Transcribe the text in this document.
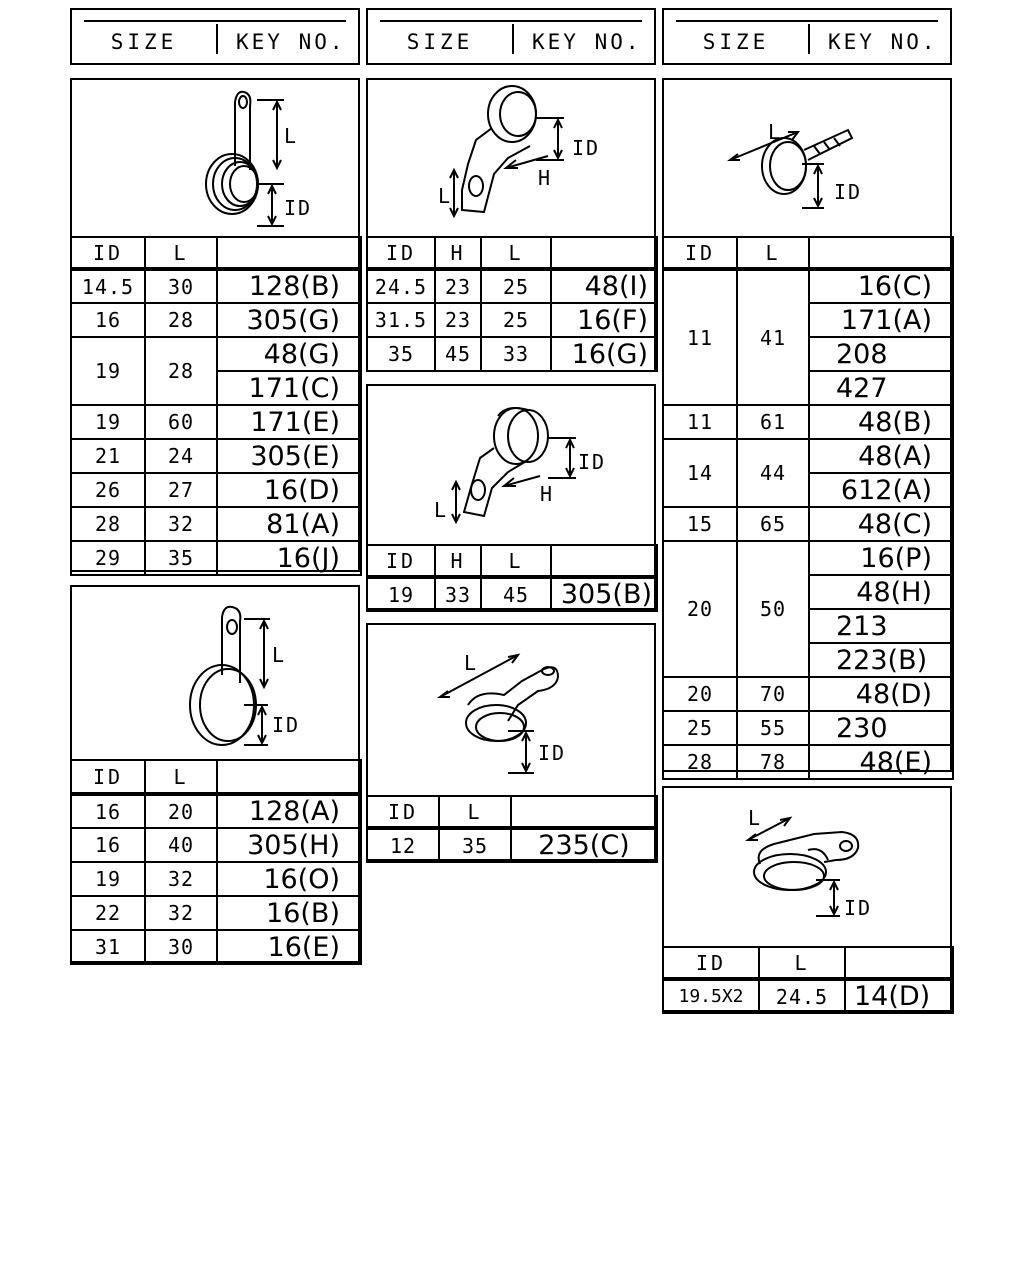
SIZE	KEY NO.	SIZE	KEY NO.	SIZE	KEY NO.
L
ID
ID	L	
14.5	30	128(B)
16	28	305(G)
19	28	48(G)
		171(C)
19	60	171(E)
21	24	305(E)
26	27	16(D)
28	32	81(A)
29	35	16(J)
L
ID
ID	L	
16	20	128(A)
16	40	305(H)
19	32	16(O)
22	32	16(B)
31	30	16(E)
ID
H
L
ID	H	L	
24.5	23	25	48(I)
31.5	23	25	16(F)
35	45	33	16(G)
ID
H
L
ID	H	L	
19	33	45	305(B)
L
ID
ID	L	
12	35	235(C)
L
ID
ID	L	
11	41	16(C)
		171(A)
		208
		427
11	61	48(B)
14	44	48(A)
		612(A)
15	65	48(C)
20	50	16(P)
		48(H)
		213
		223(B)
20	70	48(D)
25	55	230
28	78	48(E)
L
ID
ID	L	
19.5X2	24.5	14(D)
